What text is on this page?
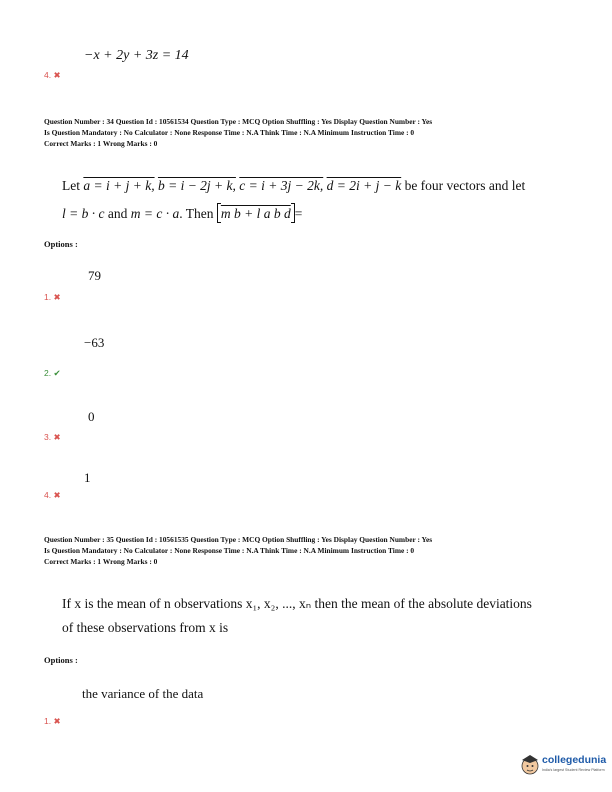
−x + 2y + 3z = 14
4. ✖
Question Number : 34 Question Id : 10561534 Question Type : MCQ Option Shuffling : Yes Display Question Number : Yes
Is Question Mandatory : No Calculator : None Response Time : N.A Think Time : N.A Minimum Instruction Time : 0
Correct Marks : 1 Wrong Marks : 0
Let a = i + j + k, b = i − 2j + k, c = i + 3j − 2k, d = 2i + j − k be four vectors and let
l = b · c and m = c · a. Then m b + l a b d =
Options :
79
1. ✖
−63
2. ✔
0
3. ✖
1
4. ✖
Question Number : 35 Question Id : 10561535 Question Type : MCQ Option Shuffling : Yes Display Question Number : Yes
Is Question Mandatory : No Calculator : None Response Time : N.A Think Time : N.A Minimum Instruction Time : 0
Correct Marks : 1 Wrong Marks : 0
If x is the mean of n observations x₁, x₂, ..., xₙ then the mean of the absolute deviations
of these observations from x is
Options :
the variance of the data
1. ✖
collegedunia
India's largest Student Review Platform
